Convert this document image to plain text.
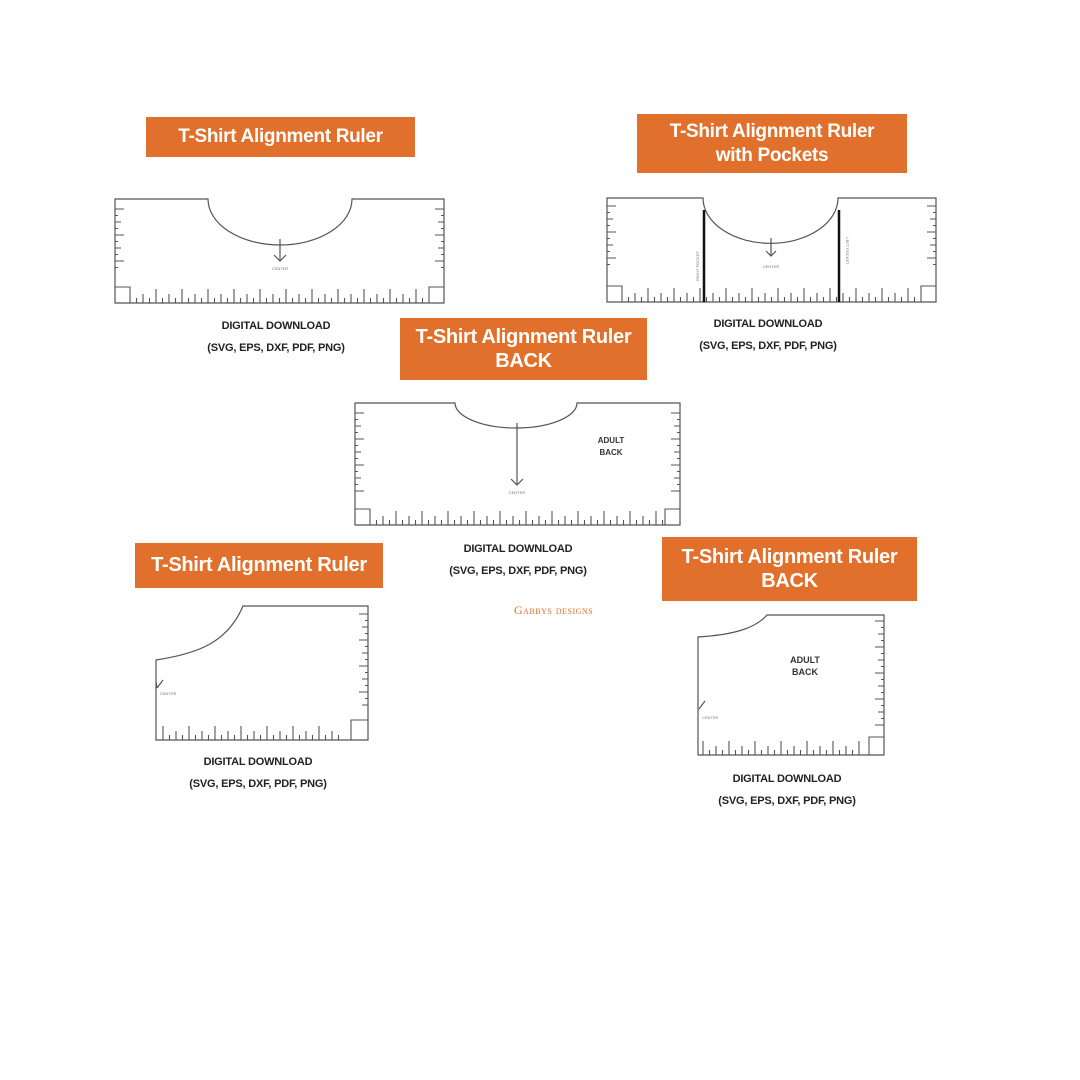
T-Shirt Alignment Ruler	T-Shirt Alignment Ruler
with Pockets
T-Shirt Alignment Ruler
BACK
T-Shirt Alignment Ruler	T-Shirt Alignment Ruler
BACK
CENTER	CENTER
RIGHT POCKET
LEFT POCKET
CENTER
ADULT
BACK
CENTER
CENTER
ADULT
BACK
DIGITAL DOWNLOAD
(SVG, EPS, DXF, PDF, PNG)
DIGITAL DOWNLOAD
(SVG, EPS, DXF, PDF, PNG)
DIGITAL DOWNLOAD
(SVG, EPS, DXF, PDF, PNG)
DIGITAL DOWNLOAD
(SVG, EPS, DXF, PDF, PNG)	DIGITAL DOWNLOAD
(SVG, EPS, DXF, PDF, PNG)
Gabbys designs
